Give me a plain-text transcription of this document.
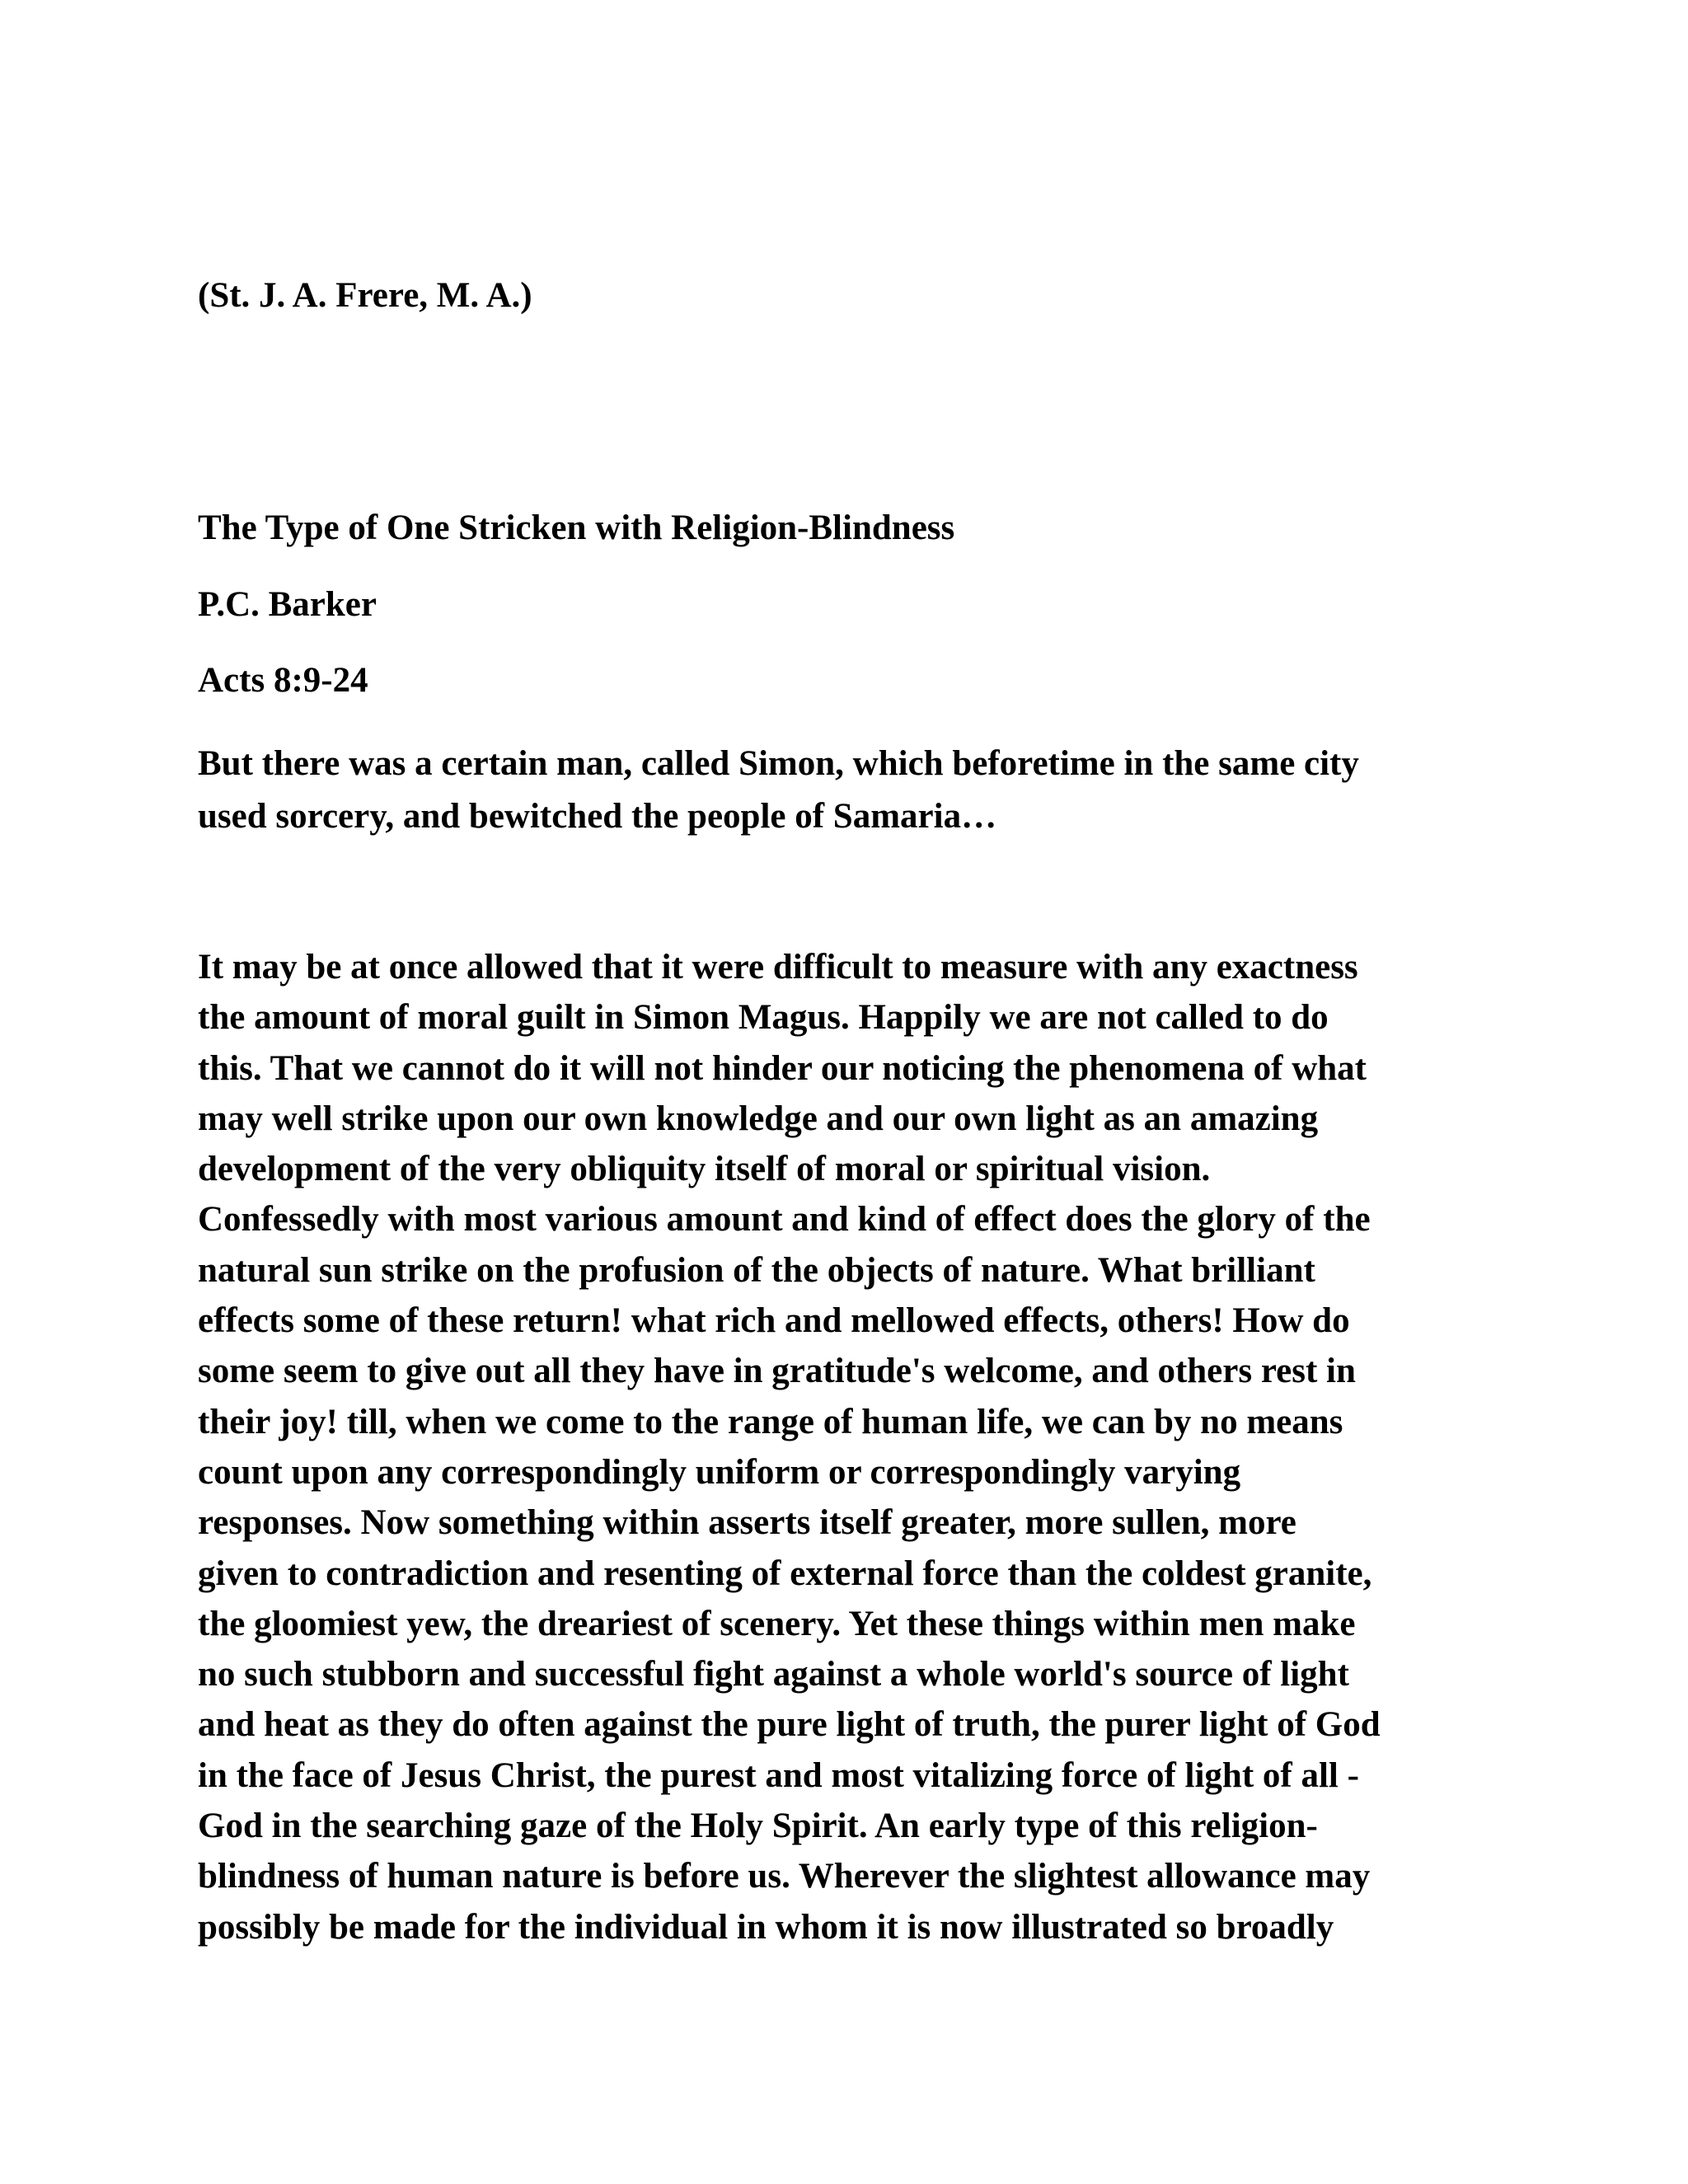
(St. J. A. Frere, M. A.)

The Type of One Stricken with Religion-Blindness

P.C. Barker

Acts 8:9-24

But there was a certain man, called Simon, which beforetime in the same city
used sorcery, and bewitched the people of Samaria…
It may be at once allowed that it were difficult to measure with any exactness
the amount of moral guilt in Simon Magus. Happily we are not called to do
this. That we cannot do it will not hinder our noticing the phenomena of what
may well strike upon our own knowledge and our own light as an amazing
development of the very obliquity itself of moral or spiritual vision.
Confessedly with most various amount and kind of effect does the glory of the
natural sun strike on the profusion of the objects of nature. What brilliant
effects some of these return! what rich and mellowed effects, others! How do
some seem to give out all they have in gratitude's welcome, and others rest in
their joy! till, when we come to the range of human life, we can by no means
count upon any correspondingly uniform or correspondingly varying
responses. Now something within asserts itself greater, more sullen, more
given to contradiction and resenting of external force than the coldest granite,
the gloomiest yew, the dreariest of scenery. Yet these things within men make
no such stubborn and successful fight against a whole world's source of light
and heat as they do often against the pure light of truth, the purer light of God
in the face of Jesus Christ, the purest and most vitalizing force of light of all -
God in the searching gaze of the Holy Spirit. An early type of this religion-
blindness of human nature is before us. Wherever the slightest allowance may
possibly be made for the individual in whom it is now illustrated so broadly
